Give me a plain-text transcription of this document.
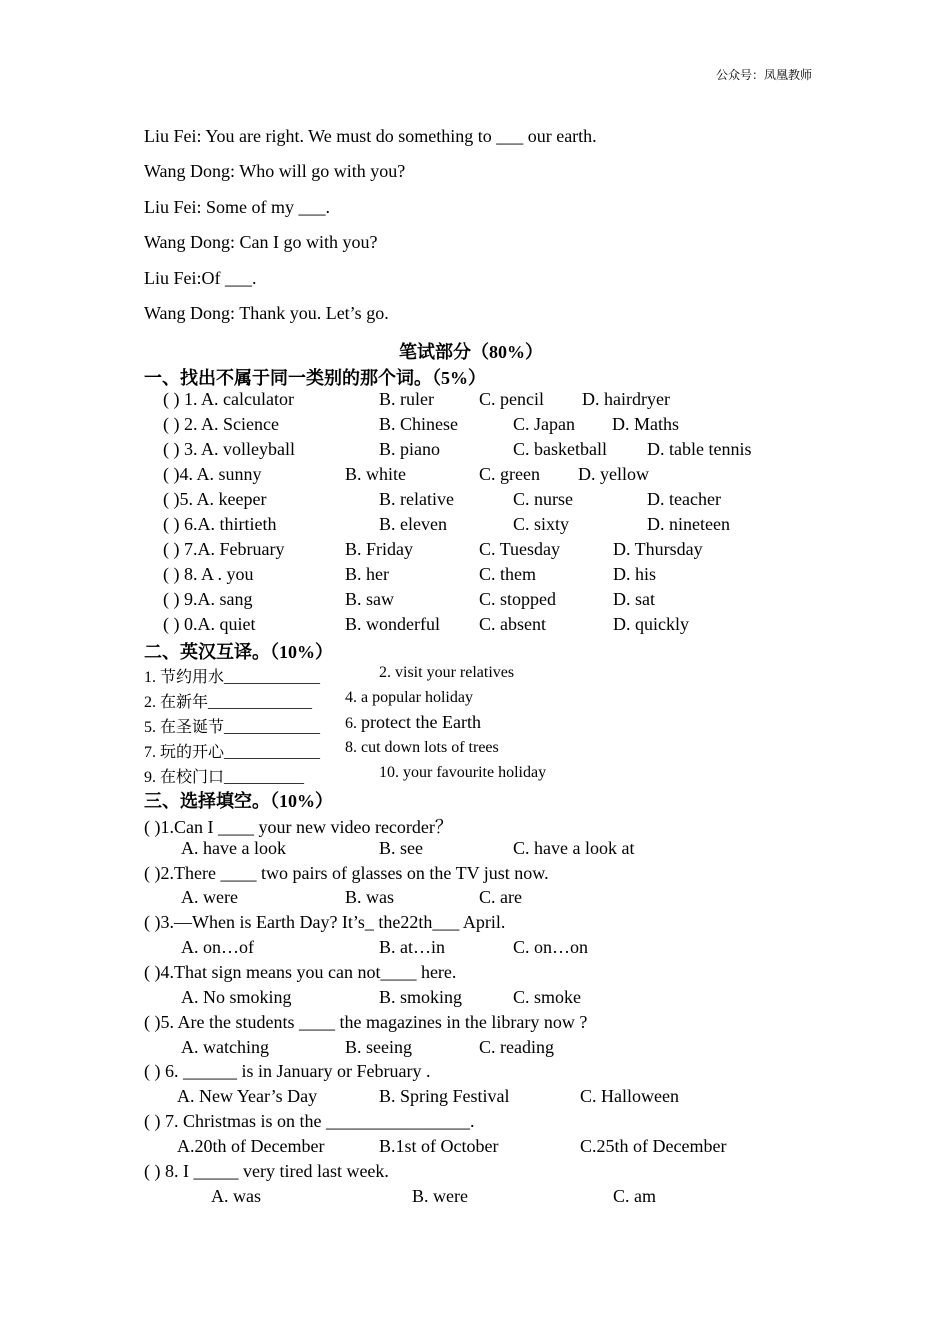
公众号：凤凰教师
Liu Fei: You are right. We must do something to ___ our earth.
Wang Dong: Who will go with you?
Liu Fei: Some of my ___.
Wang Dong: Can I go with you?
Liu Fei:Of ___.
Wang Dong: Thank you. Let’s go.
笔试部分（80%）
一、找出不属于同一类别的那个词。（5%）
( ) 1. A. calculator	B. ruler	C. pencil D. hairdryer
( ) 2. A. Science	B. Chinese	C. Japan D. Maths
( ) 3. A. volleyball	B. piano	C. basketball D. table tennis
( )4. A. sunny	B. white	C. green D. yellow
( )5. A. keeper	B. relative	C. nurse	D. teacher
( ) 6.A. thirtieth	B. eleven	C. sixty	D. nineteen
( ) 7.A. February	B. Friday	C. Tuesday	D. Thursday
( ) 8. A . you	B. her	C. them	D. his
( ) 9.A. sang	B. saw	C. stopped	D. sat
( ) 0.A. quiet	B. wonderful C. absent	D. quickly
二、英汉互译。（10%）
1. 节约用水____________	2. visit your relatives
2. 在新年_____________ 4. a popular holiday
5. 在圣诞节____________ 6. protect the Earth
7. 玩的开心____________ 8. cut down lots of trees
9. 在校门口__________	10. your favourite holiday
三、选择填空。（10%）
( )1.Can I ____ your new video recorder？
A. have a look	B. see	C. have a look at
( )2.There ____ two pairs of glasses on the TV just now.
A. were	B. was	C. are
( )3.—When is Earth Day? It’s_ the22th___ April.
A. on…of	B. at…in	C. on…on
( )4.That sign means you can not____ here.
A. No smoking	B. smoking	C. smoke
( )5. Are the students ____ the magazines in the library now ?
A. watching	B. seeing	C. reading
( ) 6. ______ is in January or February .
A. New Year’s Day	B. Spring Festival	C. Halloween
( ) 7. Christmas is on the ________________.
A.20th of December	B.1st of October	C.25th of December
( ) 8. I _____ very tired last week.
A. was	B. were	C. am
